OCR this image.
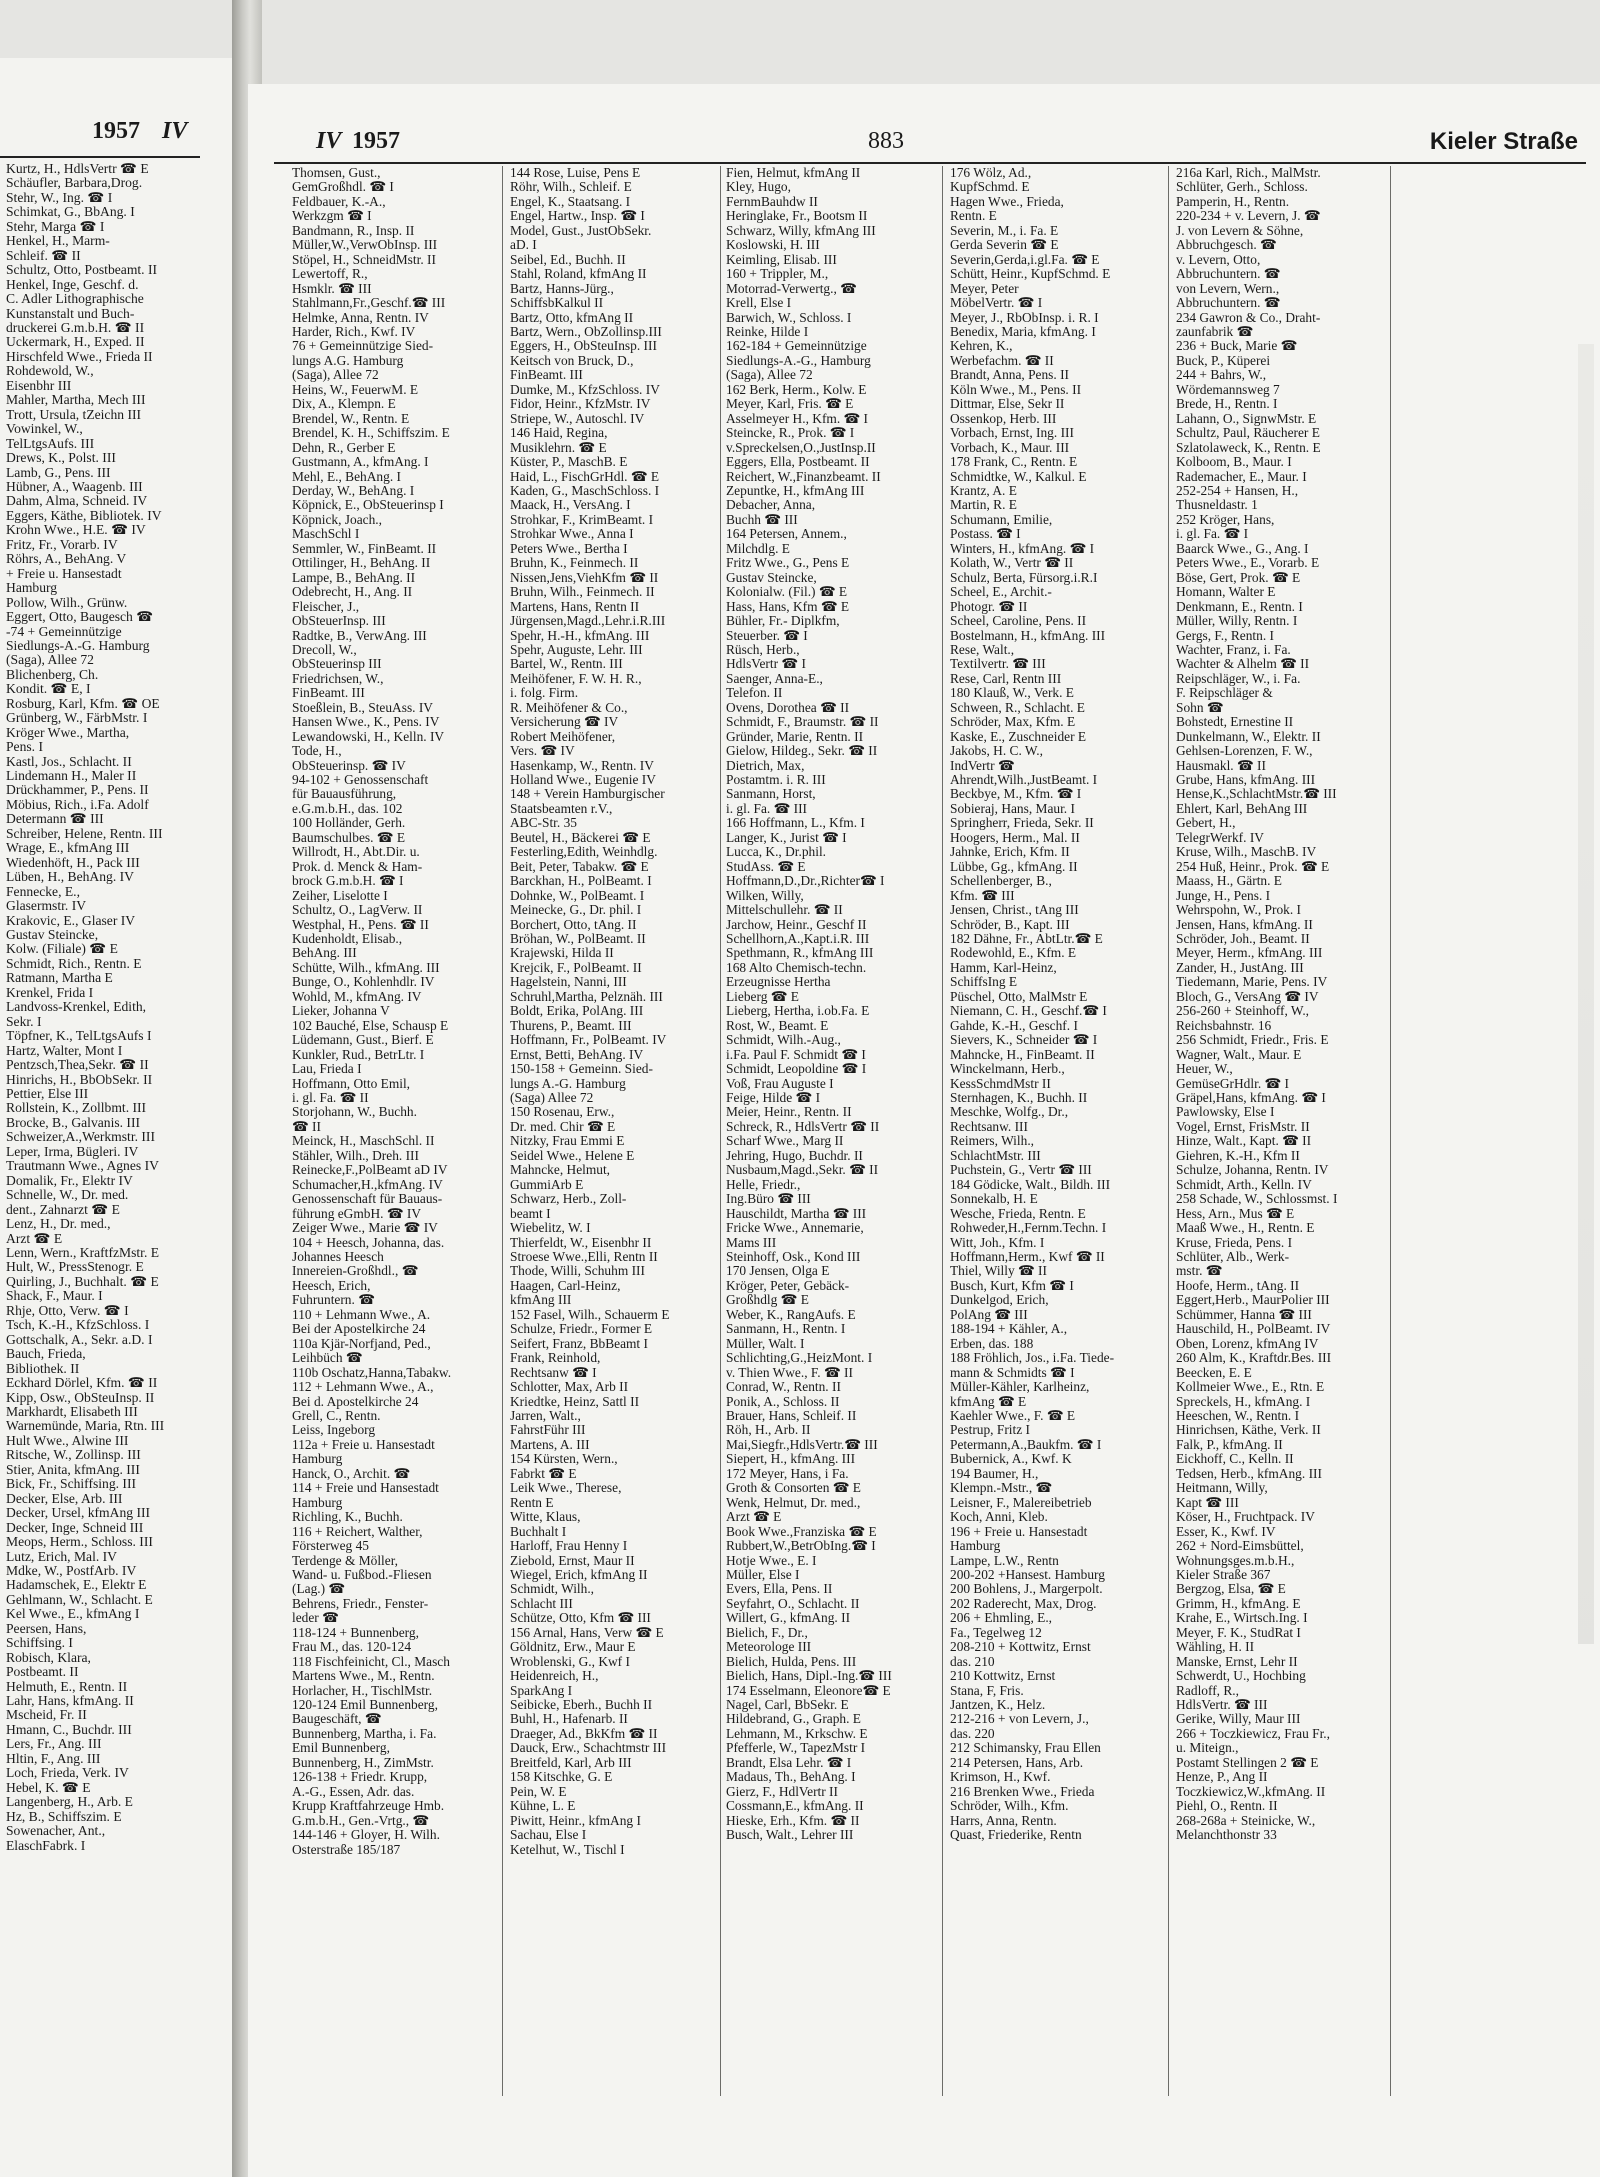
1957 IV
Kurtz, H., HdlsVertr ☎ E
Schäufler, Barbara,Drog.
Stehr, W., Ing. ☎ I
Schimkat, G., BbAng. I
Stehr, Marga ☎ I
Henkel, H., Marm-
Schleif. ☎ II
Schultz, Otto, Postbeamt. II
Henkel, Inge, Geschf. d.
C. Adler Lithographische
Kunstanstalt und Buch-
druckerei G.m.b.H. ☎ II
Uckermark, H., Exped. II
Hirschfeld Wwe., Frieda II
Rohdewold, W.,
Eisenbhr III
Mahler, Martha, Mech III
Trott, Ursula, tZeichn III
Vowinkel, W.,
TelLtgsAufs. III
Drews, K., Polst. III
Lamb, G., Pens. III
Hübner, A., Waagenb. III
Dahm, Alma, Schneid. IV
Eggers, Käthe, Bibliotek. IV
Krohn Wwe., H.E. ☎ IV
Fritz, Fr., Vorarb. IV
Röhrs, A., BehAng. V
+ Freie u. Hansestadt
Hamburg
Pollow, Wilh., Grünw.
Eggert, Otto, Baugesch ☎
-74 + Gemeinnützige
Siedlungs-A.-G. Hamburg
(Saga), Allee 72
Blichenberg, Ch.
Kondit. ☎ E, I
Rosburg, Karl, Kfm. ☎ OE
Grünberg, W., FärbMstr. I
Kröger Wwe., Martha,
Pens. I
Kastl, Jos., Schlacht. II
Lindemann H., Maler II
Drückhammer, P., Pens. II
Möbius, Rich., i.Fa. Adolf
Determann ☎ III
Schreiber, Helene, Rentn. III
Wrage, E., kfmAng III
Wiedenhöft, H., Pack III
Lüben, H., BehAng. IV
Fennecke, E.,
Glasermstr. IV
Krakovic, E., Glaser IV
Gustav Steincke,
Kolw. (Filiale) ☎ E
Schmidt, Rich., Rentn. E
Ratmann, Martha E
Krenkel, Frida I
Landvoss-Krenkel, Edith,
Sekr. I
Töpfner, K., TelLtgsAufs I
Hartz, Walter, Mont I
Pentzsch,Thea,Sekr. ☎ II
Hinrichs, H., BbObSekr. II
Pettier, Else III
Rollstein, K., Zollbmt. III
Brocke, B., Galvanis. III
Schweizer,A.,Werkmstr. III
Leper, Irma, Bügleri. IV
Trautmann Wwe., Agnes IV
Domalik, Fr., Elektr IV
Schnelle, W., Dr. med.
dent., Zahnarzt ☎ E
Lenz, H., Dr. med.,
Arzt ☎ E
Lenn, Wern., KraftfzMstr. E
Hult, W., PressStenogr. E
Quirling, J., Buchhalt. ☎ E
Shack, F., Maur. I
Rhje, Otto, Verw. ☎ I
Tsch, K.-H., KfzSchloss. I
Gottschalk, A., Sekr. a.D. I
Bauch, Frieda,
Bibliothek. II
Eckhard Dörlel, Kfm. ☎ II
Kipp, Osw., ObSteuInsp. II
Markhardt, Elisabeth III
Warnemünde, Maria, Rtn. III
Hult Wwe., Alwine III
Ritsche, W., Zollinsp. III
Stier, Anita, kfmAng. III
Bick, Fr., Schiffsing. III
Decker, Else, Arb. III
Decker, Ursel, kfmAng III
Decker, Inge, Schneid III
Meops, Herm., Schloss. III
Lutz, Erich, Mal. IV
Mdke, W., PostfArb. IV
Hadamschek, E., Elektr E
Gehlmann, W., Schlacht. E
Kel Wwe., E., kfmAng I
Peersen, Hans,
Schiffsing. I
Robisch, Klara,
Postbeamt. II
Helmuth, E., Rentn. II
Lahr, Hans, kfmAng. II
Mscheid, Fr. II
Hmann, C., Buchdr. III
Lers, Fr., Ang. III
Hltin, F., Ang. III
Loch, Frieda, Verk. IV
Hebel, K. ☎ E
Langenberg, H., Arb. E
Hz, B., Schiffszim. E
Sowenacher, Ant.,
ElaschFabrk. I
IV 1957	883	Kieler Straße
Thomsen, Gust.,
GemGroßhdl. ☎ I
Feldbauer, K.-A.,
Werkzgm ☎ I
Bandmann, R., Insp. II
Müller,W.,VerwObInsp. III
Stöpel, H., SchneidMstr. II
Lewertoff, R.,
Hsmklr. ☎ III
Stahlmann,Fr.,Geschf.☎ III
Helmke, Anna, Rentn. IV
Harder, Rich., Kwf. IV
76 + Gemeinnützige Sied-
lungs A.G. Hamburg
(Saga), Allee 72
Heins, W., FeuerwM. E
Dix, A., Klempn. E
Brendel, W., Rentn. E
Brendel, K. H., Schiffszim. E
Dehn, R., Gerber E
Gustmann, A., kfmAng. I
Mehl, E., BehAng. I
Derday, W., BehAng. I
Köpnick, E., ObSteuerinsp I
Köpnick, Joach.,
MaschSchl I
Semmler, W., FinBeamt. II
Ottilinger, H., BehAng. II
Lampe, B., BehAng. II
Odebrecht, H., Ang. II
Fleischer, J.,
ObSteuerInsp. III
Radtke, B., VerwAng. III
Drecoll, W.,
ObSteuerinsp III
Friedrichsen, W.,
FinBeamt. III
Stoeßlein, B., SteuAss. IV
Hansen Wwe., K., Pens. IV
Lewandowski, H., Kelln. IV
Tode, H.,
ObSteuerinsp. ☎ IV
94-102 + Genossenschaft
für Bauausführung,
e.G.m.b.H., das. 102
100 Holländer, Gerh.
Baumschulbes. ☎ E
Willrodt, H., Abt.Dir. u.
Prok. d. Menck & Ham-
brock G.m.b.H. ☎ I
Zeiher, Liselotte I
Schultz, O., LagVerw. II
Westphal, H., Pens. ☎ II
Kudenholdt, Elisab.,
BehAng. III
Schütte, Wilh., kfmAng. III
Bunge, O., Kohlenhdlr. IV
Wohld, M., kfmAng. IV
Lieker, Johanna V
102 Bauché, Else, Schausp E
Lüdemann, Gust., Bierf. E
Kunkler, Rud., BetrLtr. I
Lau, Frieda I
Hoffmann, Otto Emil,
i. gl. Fa. ☎ II
Storjohann, W., Buchh.
☎ II
Meinck, H., MaschSchl. II
Stähler, Wilh., Dreh. III
Reinecke,F.,PolBeamt aD IV
Schumacher,H.,kfmAng. IV
Genossenschaft für Bauaus-
führung eGmbH. ☎ IV
Zeiger Wwe., Marie ☎ IV
104 + Heesch, Johanna, das.
Johannes Heesch
Innereien-Großhdl., ☎
Heesch, Erich,
Fuhruntern. ☎
110 + Lehmann Wwe., A.
Bei der Apostelkirche 24
110a Kjär-Norfjand, Ped.,
Leihbüch ☎
110b Oschatz,Hanna,Tabakw.
112 + Lehmann Wwe., A.,
Bei d. Apostelkirche 24
Grell, C., Rentn.
Leiss, Ingeborg
112a + Freie u. Hansestadt
Hamburg
Hanck, O., Archit. ☎
114 + Freie und Hansestadt
Hamburg
Richling, K., Buchh.
116 + Reichert, Walther,
Försterweg 45
Terdenge & Möller,
Wand- u. Fußbod.-Fliesen
(Lag.) ☎
Behrens, Friedr., Fenster-
leder ☎
118-124 + Bunnenberg,
Frau M., das. 120-124
118 Fischfeinicht, Cl., Masch
Martens Wwe., M., Rentn.
Horlacher, H., TischlMstr.
120-124 Emil Bunnenberg,
Baugeschäft, ☎
Bunnenberg, Martha, i. Fa.
Emil Bunnenberg,
Bunnenberg, H., ZimMstr.
126-138 + Friedr. Krupp,
A.-G., Essen, Adr. das.
Krupp Kraftfahrzeuge Hmb.
G.m.b.H., Gen.-Vrtg., ☎
144-146 + Gloyer, H. Wilh.
Osterstraße 185/187
144 Rose, Luise, Pens E
Röhr, Wilh., Schleif. E
Engel, K., Staatsang. I
Engel, Hartw., Insp. ☎ I
Model, Gust., JustObSekr.
aD. I
Seibel, Ed., Buchh. II
Stahl, Roland, kfmAng II
Bartz, Hanns-Jürg.,
SchiffsbKalkul II
Bartz, Otto, kfmAng II
Bartz, Wern., ObZollinsp.III
Eggers, H., ObSteuInsp. III
Keitsch von Bruck, D.,
FinBeamt. III
Dumke, M., KfzSchloss. IV
Fidor, Heinr., KfzMstr. IV
Striepe, W., Autoschl. IV
146 Haid, Regina,
Musiklehrn. ☎ E
Küster, P., MaschB. E
Haid, L., FischGrHdl. ☎ E
Kaden, G., MaschSchloss. I
Maack, H., VersAng. I
Strohkar, F., KrimBeamt. I
Strohkar Wwe., Anna I
Peters Wwe., Bertha I
Bruhn, K., Feinmech. II
Nissen,Jens,ViehKfm ☎ II
Bruhn, Wilh., Feinmech. II
Martens, Hans, Rentn II
Jürgensen,Magd.,Lehr.i.R.III
Spehr, H.-H., kfmAng. III
Spehr, Auguste, Lehr. III
Bartel, W., Rentn. III
Meihöfener, F. W. H. R.,
i. folg. Firm.
R. Meihöfener & Co.,
Versicherung ☎ IV
Robert Meihöfener,
Vers. ☎ IV
Hasenkamp, W., Rentn. IV
Holland Wwe., Eugenie IV
148 + Verein Hamburgischer
Staatsbeamten r.V.,
ABC-Str. 35
Beutel, H., Bäckerei ☎ E
Festerling,Edith, Weinhdlg.
Beit, Peter, Tabakw. ☎ E
Barckhan, H., PolBeamt. I
Dohnke, W., PolBeamt. I
Meinecke, G., Dr. phil. I
Borchert, Otto, tAng. II
Bröhan, W., PolBeamt. II
Krajewski, Hilda II
Krejcik, F., PolBeamt. II
Hagelstein, Nanni, III
Schruhl,Martha, Pelznäh. III
Boldt, Erika, PolAng. III
Thurens, P., Beamt. III
Hoffmann, Fr., PolBeamt. IV
Ernst, Betti, BehAng. IV
150-158 + Gemeinn. Sied-
lungs A.-G. Hamburg
(Saga) Allee 72
150 Rosenau, Erw.,
Dr. med. Chir ☎ E
Nitzky, Frau Emmi E
Seidel Wwe., Helene E
Mahncke, Helmut,
GummiArb E
Schwarz, Herb., Zoll-
beamt I
Wiebelitz, W. I
Thierfeldt, W., Eisenbhr II
Stroese Wwe.,Elli, Rentn II
Thode, Willi, Schuhm III
Haagen, Carl-Heinz,
kfmAng III
152 Fasel, Wilh., Schauerm E
Schulze, Friedr., Former E
Seifert, Franz, BbBeamt I
Frank, Reinhold,
Rechtsanw ☎ I
Schlotter, Max, Arb II
Kriedtke, Heinz, Sattl II
Jarren, Walt.,
FahrstFühr III
Martens, A. III
154 Kürsten, Wern.,
Fabrkt ☎ E
Leik Wwe., Therese,
Rentn E
Witte, Klaus,
Buchhalt I
Harloff, Frau Henny I
Ziebold, Ernst, Maur II
Wiegel, Erich, kfmAng II
Schmidt, Wilh.,
Schlacht III
Schütze, Otto, Kfm ☎ III
156 Arnal, Hans, Verw ☎ E
Göldnitz, Erw., Maur E
Wroblenski, G., Kwf I
Heidenreich, H.,
SparkAng I
Seibicke, Eberh., Buchh II
Buhl, H., Hafenarb. II
Draeger, Ad., BkKfm ☎ II
Dauck, Erw., Schachtmstr III
Breitfeld, Karl, Arb III
158 Kitschke, G. E
Pein, W. E
Kühne, L. E
Piwitt, Heinr., kfmAng I
Sachau, Else I
Ketelhut, W., Tischl I
Fien, Helmut, kfmAng II
Kley, Hugo,
FernmBauhdw II
Heringlake, Fr., Bootsm II
Schwarz, Willy, kfmAng III
Koslowski, H. III
Keimling, Elisab. III
160 + Trippler, M.,
Motorrad-Verwertg., ☎
Krell, Else I
Barwich, W., Schloss. I
Reinke, Hilde I
162-184 + Gemeinnützige
Siedlungs-A.-G., Hamburg
(Saga), Allee 72
162 Berk, Herm., Kolw. E
Meyer, Karl, Fris. ☎ E
Asselmeyer H., Kfm. ☎ I
Steincke, R., Prok. ☎ I
v.Spreckelsen,O.,JustInsp.II
Eggers, Ella, Postbeamt. II
Reichert, W.,Finanzbeamt. II
Zepuntke, H., kfmAng III
Debacher, Anna,
Buchh ☎ III
164 Petersen, Annem.,
Milchdlg. E
Fritz Wwe., G., Pens E
Gustav Steincke,
Kolonialw. (Fil.) ☎ E
Hass, Hans, Kfm ☎ E
Bühler, Fr.- Diplkfm,
Steuerber. ☎ I
Rüsch, Herb.,
HdlsVertr ☎ I
Saenger, Anna-E.,
Telefon. II
Ovens, Dorothea ☎ II
Schmidt, F., Braumstr. ☎ II
Gründer, Marie, Rentn. II
Gielow, Hildeg., Sekr. ☎ II
Dietrich, Max,
Postamtm. i. R. III
Sanmann, Horst,
i. gl. Fa. ☎ III
166 Hoffmann, L., Kfm. I
Langer, K., Jurist ☎ I
Lucca, K., Dr.phil.
StudAss. ☎ E
Hoffmann,D.,Dr.,Richter☎ I
Wilken, Willy,
Mittelschullehr. ☎ II
Jarchow, Heinr., Geschf II
Schellhorn,A.,Kapt.i.R. III
Spethmann, R., kfmAng III
168 Alto Chemisch-techn.
Erzeugnisse Hertha
Lieberg ☎ E
Lieberg, Hertha, i.ob.Fa. E
Rost, W., Beamt. E
Schmidt, Wilh.-Aug.,
i.Fa. Paul F. Schmidt ☎ I
Schmidt, Leopoldine ☎ I
Voß, Frau Auguste I
Feige, Hilde ☎ I
Meier, Heinr., Rentn. II
Schreck, R., HdlsVertr ☎ II
Scharf Wwe., Marg II
Jehring, Hugo, Buchdr. II
Nusbaum,Magd.,Sekr. ☎ II
Helle, Friedr.,
Ing.Büro ☎ III
Hauschildt, Martha ☎ III
Fricke Wwe., Annemarie,
Mams III
Steinhoff, Osk., Kond III
170 Jensen, Olga E
Kröger, Peter, Gebäck-
Großhdlg ☎ E
Weber, K., RangAufs. E
Sanmann, H., Rentn. I
Müller, Walt. I
Schlichting,G.,HeizMont. I
v. Thien Wwe., F. ☎ II
Conrad, W., Rentn. II
Ponik, A., Schloss. II
Brauer, Hans, Schleif. II
Röh, H., Arb. II
Mai,Siegfr.,HdlsVertr.☎ III
Siepert, H., kfmAng. III
172 Meyer, Hans, i Fa.
Groth & Consorten ☎ E
Wenk, Helmut, Dr. med.,
Arzt ☎ E
Book Wwe.,Franziska ☎ E
Rubbert,W.,BetrObIng.☎ I
Hotje Wwe., E. I
Müller, Else I
Evers, Ella, Pens. II
Seyfahrt, O., Schlacht. II
Willert, G., kfmAng. II
Bielich, F., Dr.,
Meteorologe III
Bielich, Hulda, Pens. III
Bielich, Hans, Dipl.-Ing.☎ III
174 Esselmann, Eleonore☎ E
Nagel, Carl, BbSekr. E
Hildebrand, G., Graph. E
Lehmann, M., Krkschw. E
Pfefferle, W., TapezMstr I
Brandt, Elsa Lehr. ☎ I
Madaus, Th., BehAng. I
Gierz, F., HdlVertr II
Cossmann,E., kfmAng. II
Hieske, Erh., Kfm. ☎ II
Busch, Walt., Lehrer III
176 Wölz, Ad.,
KupfSchmd. E
Hagen Wwe., Frieda,
Rentn. E
Severin, M., i. Fa. E
Gerda Severin ☎ E
Severin,Gerda,i.gl.Fa. ☎ E
Schütt, Heinr., KupfSchmd. E
Meyer, Peter
MöbelVertr. ☎ I
Meyer, J., RbObInsp. i. R. I
Benedix, Maria, kfmAng. I
Kehren, K.,
Werbefachm. ☎ II
Brandt, Anna, Pens. II
Köln Wwe., M., Pens. II
Dittmar, Else, Sekr II
Ossenkop, Herb. III
Vorbach, Ernst, Ing. III
Vorbach, K., Maur. III
178 Frank, C., Rentn. E
Schmidtke, W., Kalkul. E
Krantz, A. E
Martin, R. E
Schumann, Emilie,
Postass. ☎ I
Winters, H., kfmAng. ☎ I
Kolath, W., Vertr ☎ II
Schulz, Berta, Fürsorg.i.R.I
Scheel, E., Archit.-
Photogr. ☎ II
Scheel, Caroline, Pens. II
Bostelmann, H., kfmAng. III
Rese, Walt.,
Textilvertr. ☎ III
Rese, Carl, Rentn III
180 Klauß, W., Verk. E
Schween, R., Schlacht. E
Schröder, Max, Kfm. E
Kaske, E., Zuschneider E
Jakobs, H. C. W.,
IndVertr ☎
Ahrendt,Wilh.,JustBeamt. I
Beckbye, M., Kfm. ☎ I
Sobieraj, Hans, Maur. I
Springherr, Frieda, Sekr. II
Hoogers, Herm., Mal. II
Jahnke, Erich, Kfm. II
Lübbe, Gg., kfmAng. II
Schellenberger, B.,
Kfm. ☎ III
Jensen, Christ., tAng III
Schröder, B., Kapt. III
182 Dähne, Fr., AbtLtr.☎ E
Rodewohld, E., Kfm. E
Hamm, Karl-Heinz,
SchiffsIng E
Püschel, Otto, MalMstr E
Niemann, C. H., Geschf.☎ I
Gahde, K.-H., Geschf. I
Sievers, K., Schneider ☎ I
Mahncke, H., FinBeamt. II
Winckelmann, Herb.,
KessSchmdMstr II
Sternhagen, K., Buchh. II
Meschke, Wolfg., Dr.,
Rechtsanw. III
Reimers, Wilh.,
SchlachtMstr. III
Puchstein, G., Vertr ☎ III
184 Gödicke, Walt., Bildh. III
Sonnekalb, H. E
Wesche, Frieda, Rentn. E
Rohweder,H.,Fernm.Techn. I
Witt, Joh., Kfm. I
Hoffmann,Herm., Kwf ☎ II
Thiel, Willy ☎ II
Busch, Kurt, Kfm ☎ I
Dunkelgod, Erich,
PolAng ☎ III
188-194 + Kähler, A.,
Erben, das. 188
188 Fröhlich, Jos., i.Fa. Tiede-
mann & Schmidts ☎ I
Müller-Kähler, Karlheinz,
kfmAng ☎ E
Kaehler Wwe., F. ☎ E
Pestrup, Fritz I
Petermann,A.,Baukfm. ☎ I
Bubernick, A., Kwf. K
194 Baumer, H.,
Klempn.-Mstr., ☎
Leisner, F., Malereibetrieb
Koch, Anni, Kleb.
196 + Freie u. Hansestadt
Hamburg
Lampe, L.W., Rentn
200-202 +Hansest. Hamburg
200 Bohlens, J., Margerpolt.
202 Raderecht, Max, Drog.
206 + Ehmling, E.,
Fa., Tegelweg 12
208-210 + Kottwitz, Ernst
das. 210
210 Kottwitz, Ernst
Stana, F, Fris.
Jantzen, K., Helz.
212-216 + von Levern, J.,
das. 220
212 Schimansky, Frau Ellen
214 Petersen, Hans, Arb.
Krimson, H., Kwf.
216 Brenken Wwe., Frieda
Schröder, Wilh., Kfm.
Harrs, Anna, Rentn.
Quast, Friederike, Rentn
216a Karl, Rich., MalMstr.
Schlüter, Gerh., Schloss.
Pamperin, H., Rentn.
220-234 + v. Levern, J. ☎
J. von Levern & Söhne,
Abbruchgesch. ☎
v. Levern, Otto,
Abbruchuntern. ☎
von Levern, Wern.,
Abbruchuntern. ☎
234 Gawron & Co., Draht-
zaunfabrik ☎
236 + Buck, Marie ☎
Buck, P., Küperei
244 + Bahrs, W.,
Wördemannsweg 7
Brede, H., Rentn. I
Lahann, O., SignwMstr. E
Schultz, Paul, Räucherer E
Szlatolaweck, K., Rentn. E
Kolboom, B., Maur. I
Rademacher, E., Maur. I
252-254 + Hansen, H.,
Thusneldastr. 1
252 Kröger, Hans,
i. gl. Fa. ☎ I
Baarck Wwe., G., Ang. I
Peters Wwe., E., Vorarb. E
Böse, Gert, Prok. ☎ E
Homann, Walter E
Denkmann, E., Rentn. I
Müller, Willy, Rentn. I
Gergs, F., Rentn. I
Wachter, Franz, i. Fa.
Wachter & Alhelm ☎ II
Reipschläger, W., i. Fa.
F. Reipschläger &
Sohn ☎
Bohstedt, Ernestine II
Dunkelmann, W., Elektr. II
Gehlsen-Lorenzen, F. W.,
Hausmakl. ☎ II
Grube, Hans, kfmAng. III
Hense,K.,SchlachtMstr.☎ III
Ehlert, Karl, BehAng III
Gebert, H.,
TelegrWerkf. IV
Kruse, Wilh., MaschB. IV
254 Huß, Heinr., Prok. ☎ E
Maass, H., Gärtn. E
Junge, H., Pens. I
Wehrspohn, W., Prok. I
Jensen, Hans, kfmAng. II
Schröder, Joh., Beamt. II
Meyer, Herm., kfmAng. III
Zander, H., JustAng. III
Tiedemann, Marie, Pens. IV
Bloch, G., VersAng ☎ IV
256-260 + Steinhoff, W.,
Reichsbahnstr. 16
256 Schmidt, Friedr., Fris. E
Wagner, Walt., Maur. E
Heuer, W.,
GemüseGrHdlr. ☎ I
Gräpel,Hans, kfmAng. ☎ I
Pawlowsky, Else I
Vogel, Ernst, FrisMstr. II
Hinze, Walt., Kapt. ☎ II
Giehren, K.-H., Kfm II
Schulze, Johanna, Rentn. IV
Schmidt, Arth., Kelln. IV
258 Schade, W., Schlossmst. I
Hess, Arn., Mus ☎ E
Maaß Wwe., H., Rentn. E
Kruse, Frieda, Pens. I
Schlüter, Alb., Werk-
mstr. ☎
Hoofe, Herm., tAng. II
Eggert,Herb., MaurPolier III
Schümmer, Hanna ☎ III
Hauschild, H., PolBeamt. IV
Oben, Lorenz, kfmAng IV
260 Alm, K., Kraftdr.Bes. III
Beecken, E. E
Kollmeier Wwe., E., Rtn. E
Spreckels, H., kfmAng. I
Heeschen, W., Rentn. I
Hinrichsen, Käthe, Verk. II
Falk, P., kfmAng. II
Eickhoff, C., Kelln. II
Tedsen, Herb., kfmAng. III
Heitmann, Willy,
Kapt ☎ III
Köser, H., Fruchtpack. IV
Esser, K., Kwf. IV
262 + Nord-Eimsbüttel,
Wohnungsges.m.b.H.,
Kieler Straße 367
Bergzog, Elsa, ☎ E
Grimm, H., kfmAng. E
Krahe, E., Wirtsch.Ing. I
Meyer, F. K., StudRat I
Wähling, H. II
Manske, Ernst, Lehr II
Schwerdt, U., Hochbing
Radloff, R.,
HdlsVertr. ☎ III
Gerike, Willy, Maur III
266 + Toczkiewicz, Frau Fr.,
u. Miteign.,
Postamt Stellingen 2 ☎ E
Henze, P., Ang II
Toczkiewicz,W.,kfmAng. II
Piehl, O., Rentn. II
268-268a + Steinicke, W.,
Melanchthonstr 33
